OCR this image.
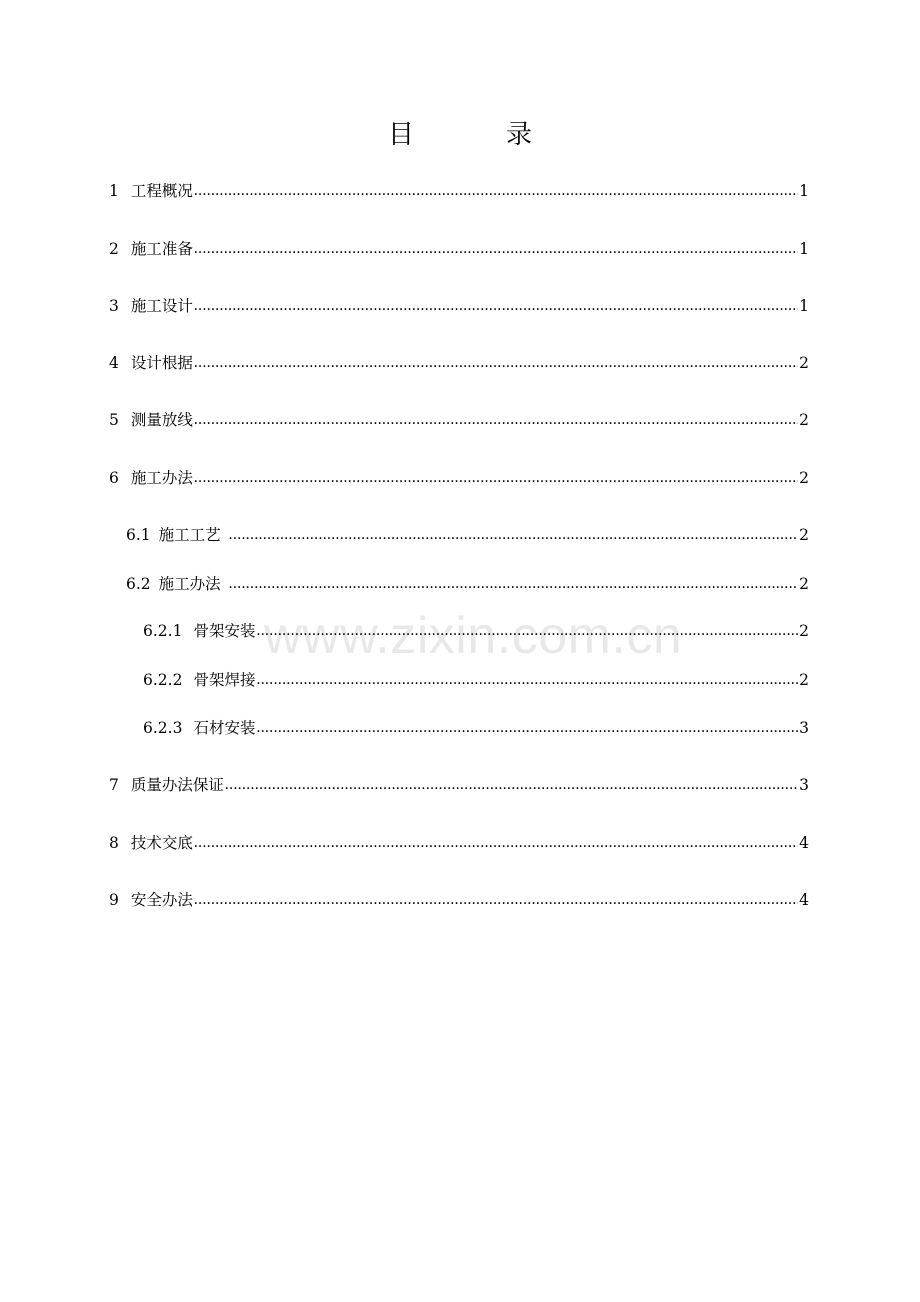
目	录
1 工程概况 .....	1
2 施工准备 .....	1
3 施工设计 .....	1
4 设计根据 .....	2
5 测量放线 .....	2
6 施工办法 .....	2
6.1 施工工艺 .....	2
6.2 施工办法 .....	2
6.2.1 骨架安装 .....	2
6.2.2 骨架焊接 .....	2
6.2.3 石材安装 .....	3
7 质量办法保证 .....	3
8 技术交底 .....	4
9 安全办法 .....	4
www.zixin.com.cn
